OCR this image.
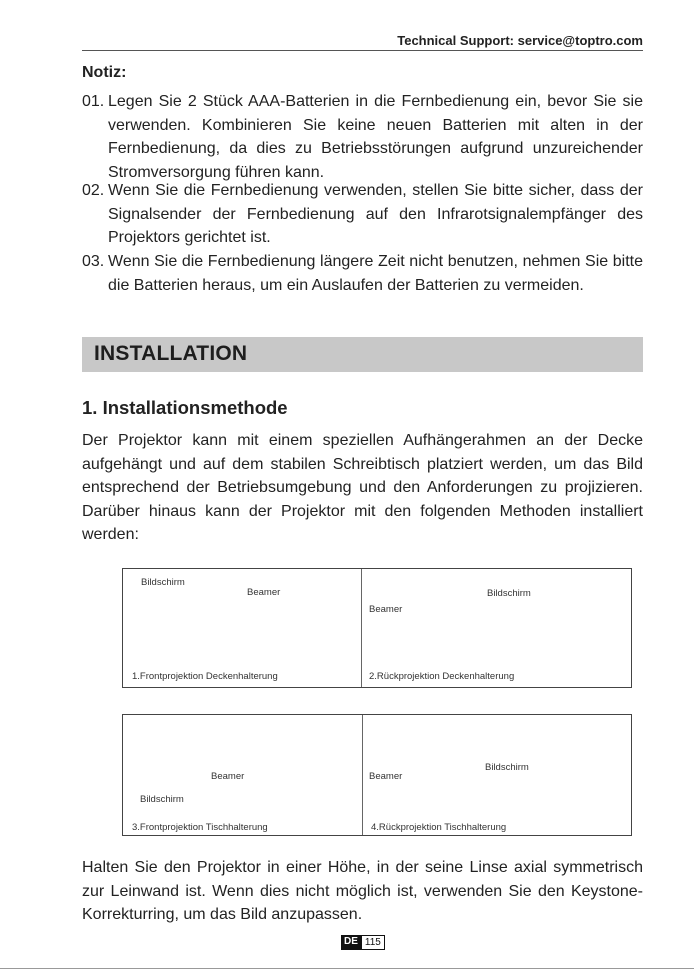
Technical Support: service@toptro.com
Notiz:
01. Legen Sie 2 Stück AAA-Batterien in die Fernbedienung ein, bevor Sie sie verwenden. Kombinieren Sie keine neuen Batterien mit alten in der Fernbedienung, da dies zu Betriebsstörungen aufgrund unzureichender Stromversorgung führen kann.
02. Wenn Sie die Fernbedienung verwenden, stellen Sie bitte sicher, dass der Signalsender der Fernbedienung auf den Infrarotsignalempfänger des Projektors gerichtet ist.
03. Wenn Sie die Fernbedienung längere Zeit nicht benutzen, nehmen Sie bitte die Batterien heraus, um ein Auslaufen der Batterien zu vermeiden.
INSTALLATION
1. Installationsmethode
Der Projektor kann mit einem speziellen Aufhängerahmen an der Decke aufgehängt und auf dem stabilen Schreibtisch platziert werden, um das Bild entsprechend der Betriebsumgebung und den Anforderungen zu projizieren. Darüber hinaus kann der Projektor mit den folgenden Methoden installiert werden:
Bildschirm
Beamer
1.Frontprojektion Deckenhalterung
Bildschirm
Beamer
2.Rückprojektion Deckenhalterung
Beamer
Bildschirm
3.Frontprojektion Tischhalterung
Bildschirm
Beamer
4.Rückprojektion Tischhalterung
Halten Sie den Projektor in einer Höhe, in der seine Linse axial symmetrisch zur Leinwand ist. Wenn dies nicht möglich ist, verwenden Sie den Keystone-Korrekturring, um das Bild anzupassen.
DE 115
